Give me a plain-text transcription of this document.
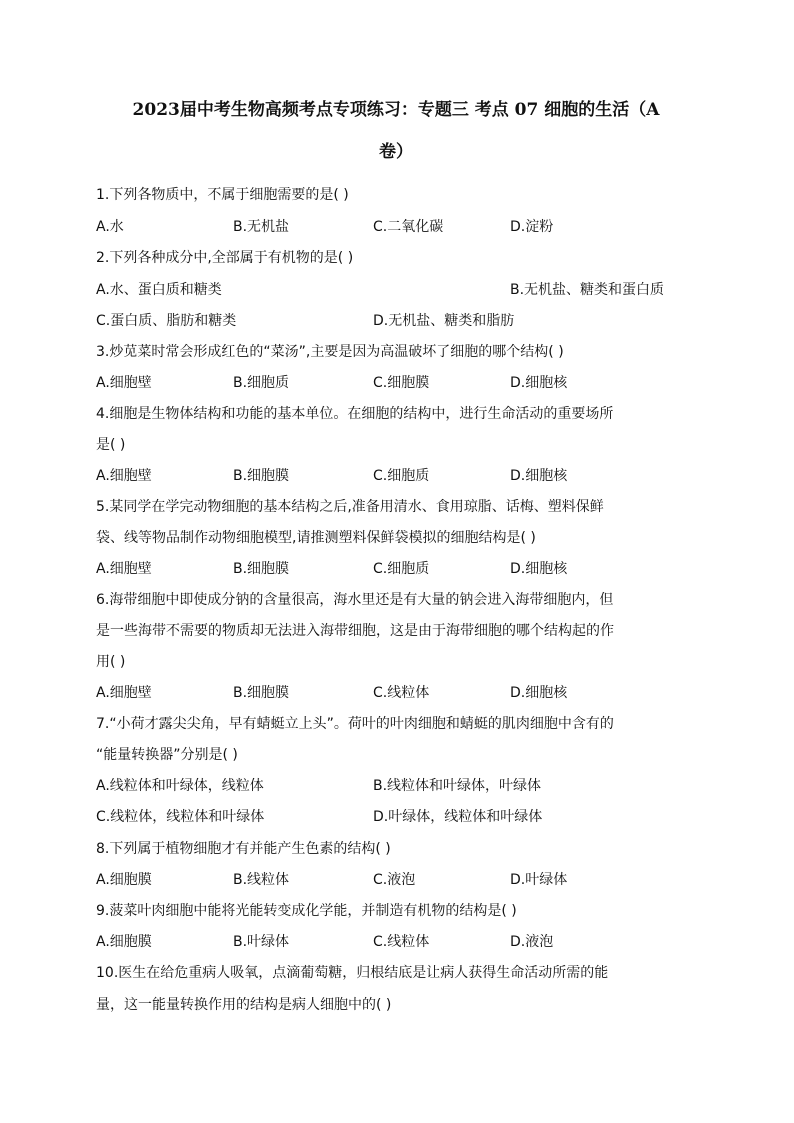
2023届中考生物高频考点专项练习：专题三 考点 07 细胞的生活（A
卷）
1.下列各物质中，不属于细胞需要的是( )
A.水	B.无机盐	C.二氧化碳	D.淀粉
2.下列各种成分中,全部属于有机物的是( )
A.水、蛋白质和糖类	B.无机盐、糖类和蛋白质
C.蛋白质、脂肪和糖类	D.无机盐、糖类和脂肪
3.炒苋菜时常会形成红色的“菜汤”,主要是因为高温破坏了细胞的哪个结构( )
A.细胞壁	B.细胞质	C.细胞膜	D.细胞核
4.细胞是生物体结构和功能的基本单位。在细胞的结构中，进行生命活动的重要场所
是( )
A.细胞壁	B.细胞膜	C.细胞质	D.细胞核
5.某同学在学完动物细胞的基本结构之后,准备用清水、食用琼脂、话梅、塑料保鲜
袋、线等物品制作动物细胞模型,请推测塑料保鲜袋模拟的细胞结构是( )
A.细胞壁	B.细胞膜	C.细胞质	D.细胞核
6.海带细胞中即使成分钠的含量很高，海水里还是有大量的钠会进入海带细胞内，但
是一些海带不需要的物质却无法进入海带细胞，这是由于海带细胞的哪个结构起的作
用( )
A.细胞壁	B.细胞膜	C.线粒体	D.细胞核
7.“小荷才露尖尖角，早有蜻蜓立上头”。荷叶的叶肉细胞和蜻蜓的肌肉细胞中含有的
“能量转换器”分别是( )
A.线粒体和叶绿体，线粒体	B.线粒体和叶绿体，叶绿体
C.线粒体，线粒体和叶绿体	D.叶绿体，线粒体和叶绿体
8.下列属于植物细胞才有并能产生色素的结构( )
A.细胞膜	B.线粒体	C.液泡	D.叶绿体
9.菠菜叶肉细胞中能将光能转变成化学能，并制造有机物的结构是( )
A.细胞膜	B.叶绿体	C.线粒体	D.液泡
10.医生在给危重病人吸氧，点滴葡萄糖，归根结底是让病人获得生命活动所需的能
量，这一能量转换作用的结构是病人细胞中的( )
